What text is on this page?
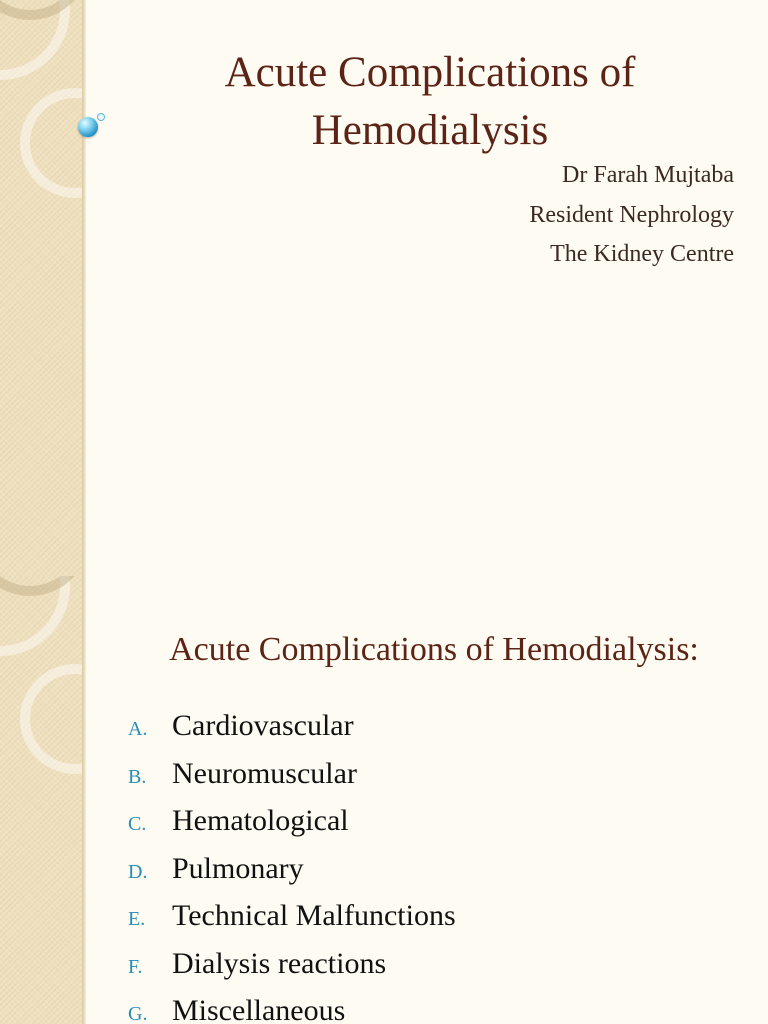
Acute Complications of
Hemodialysis
Dr Farah Mujtaba
Resident Nephrology
The Kidney Centre
Acute Complications of Hemodialysis:
A. Cardiovascular
B. Neuromuscular
C. Hematological
D. Pulmonary
E. Technical Malfunctions
F. Dialysis reactions
G. Miscellaneous
